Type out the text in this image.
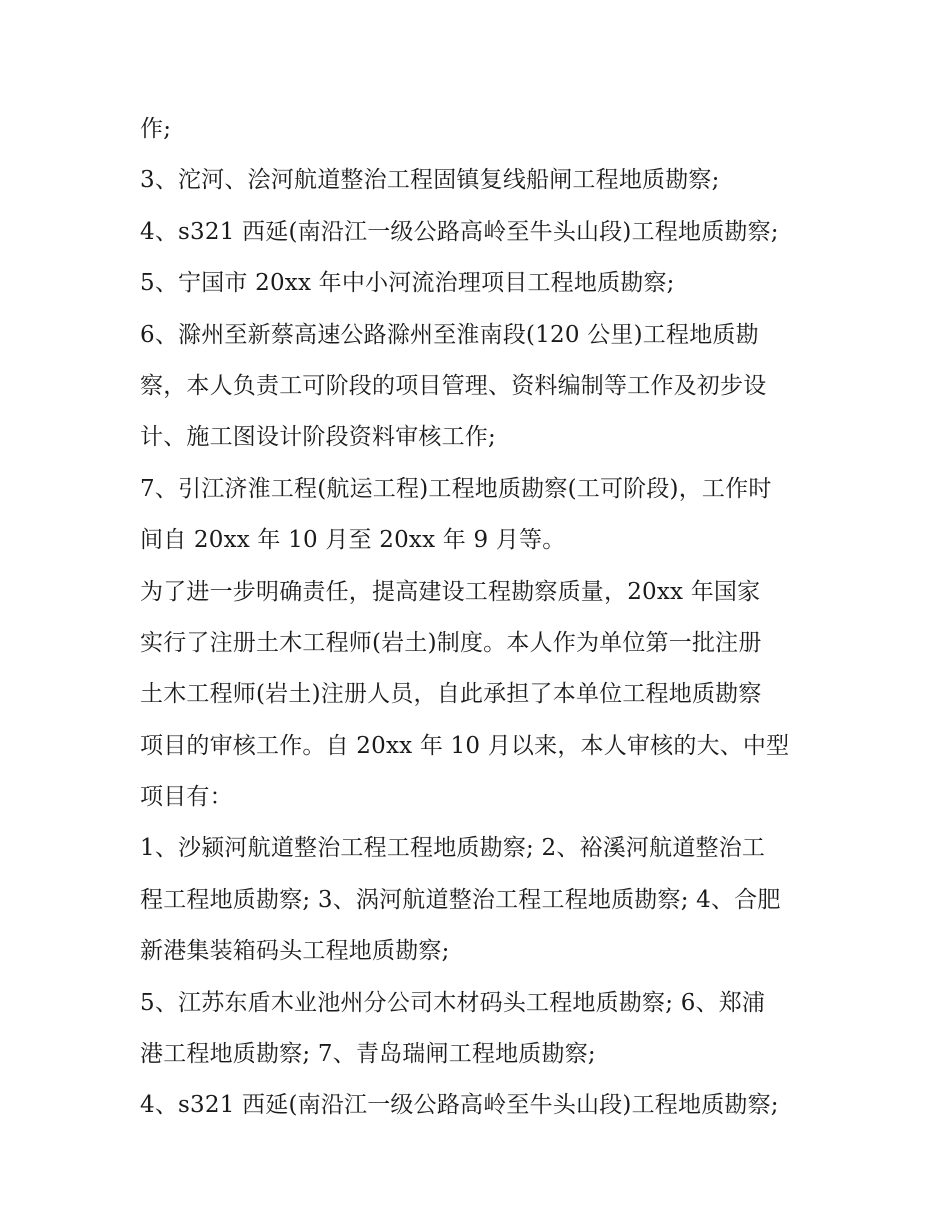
作;
3、沱河、浍河航道整治工程固镇复线船闸工程地质勘察;
4、s321 西延(南沿江一级公路高岭至牛头山段)工程地质勘察;
5、宁国市 20xx 年中小河流治理项目工程地质勘察;
6、滁州至新蔡高速公路滁州至淮南段(120 公里)工程地质勘
察，本人负责工可阶段的项目管理、资料编制等工作及初步设
计、施工图设计阶段资料审核工作;
7、引江济淮工程(航运工程)工程地质勘察(工可阶段)，工作时
间自 20xx 年 10 月至 20xx 年 9 月等。
为了进一步明确责任，提高建设工程勘察质量，20xx 年国家
实行了注册土木工程师(岩土)制度。本人作为单位第一批注册
土木工程师(岩土)注册人员，自此承担了本单位工程地质勘察
项目的审核工作。自 20xx 年 10 月以来，本人审核的大、中型
项目有：
1、沙颍河航道整治工程工程地质勘察; 2、裕溪河航道整治工
程工程地质勘察; 3、涡河航道整治工程工程地质勘察; 4、合肥
新港集装箱码头工程地质勘察;
5、江苏东盾木业池州分公司木材码头工程地质勘察; 6、郑浦
港工程地质勘察; 7、青岛瑞闸工程地质勘察;
4、s321 西延(南沿江一级公路高岭至牛头山段)工程地质勘察;
